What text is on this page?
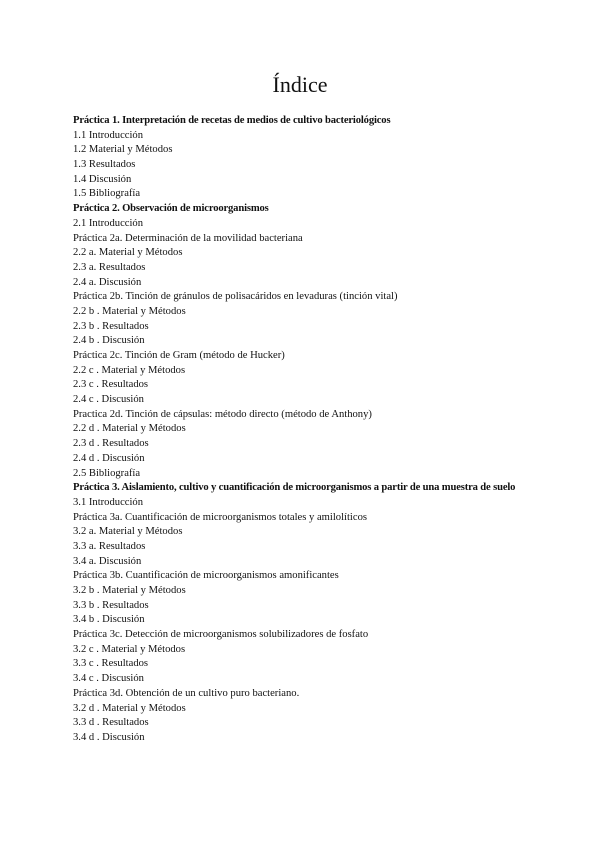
Índice
Práctica 1. Interpretación de recetas de medios de cultivo bacteriológicos
1.1 Introducción
1.2 Material y Métodos
1.3 Resultados
1.4 Discusión
1.5 Bibliografía
Práctica 2. Observación de microorganismos
2.1 Introducción
Práctica 2a. Determinación de la movilidad bacteriana
2.2 a. Material y Métodos
2.3 a. Resultados
2.4 a. Discusión
Práctica 2b. Tinción de gránulos de polisacáridos en levaduras (tinción vital)
2.2 b . Material y Métodos
2.3 b . Resultados
2.4 b . Discusión
Práctica 2c. Tinción de Gram (método de Hucker)
2.2 c . Material y Métodos
2.3 c . Resultados
2.4 c . Discusión
Practica 2d. Tinción de cápsulas: método directo (método de Anthony)
2.2 d . Material y Métodos
2.3 d . Resultados
2.4 d . Discusión
2.5 Bibliografía
Práctica 3. Aislamiento, cultivo y cuantificación de microorganismos a partir de una muestra de suelo
3.1 Introducción
Práctica 3a. Cuantificación de microorganismos totales y amilolíticos
3.2 a. Material y Métodos
3.3 a. Resultados
3.4 a. Discusión
Práctica 3b. Cuantificación de microorganismos amonificantes
3.2 b . Material y Métodos
3.3 b . Resultados
3.4 b . Discusión
Práctica 3c. Detección de microorganismos solubilizadores de fosfato
3.2 c . Material y Métodos
3.3 c . Resultados
3.4 c . Discusión
Práctica 3d. Obtención de un cultivo puro bacteriano.
3.2 d . Material y Métodos
3.3 d . Resultados
3.4 d . Discusión
